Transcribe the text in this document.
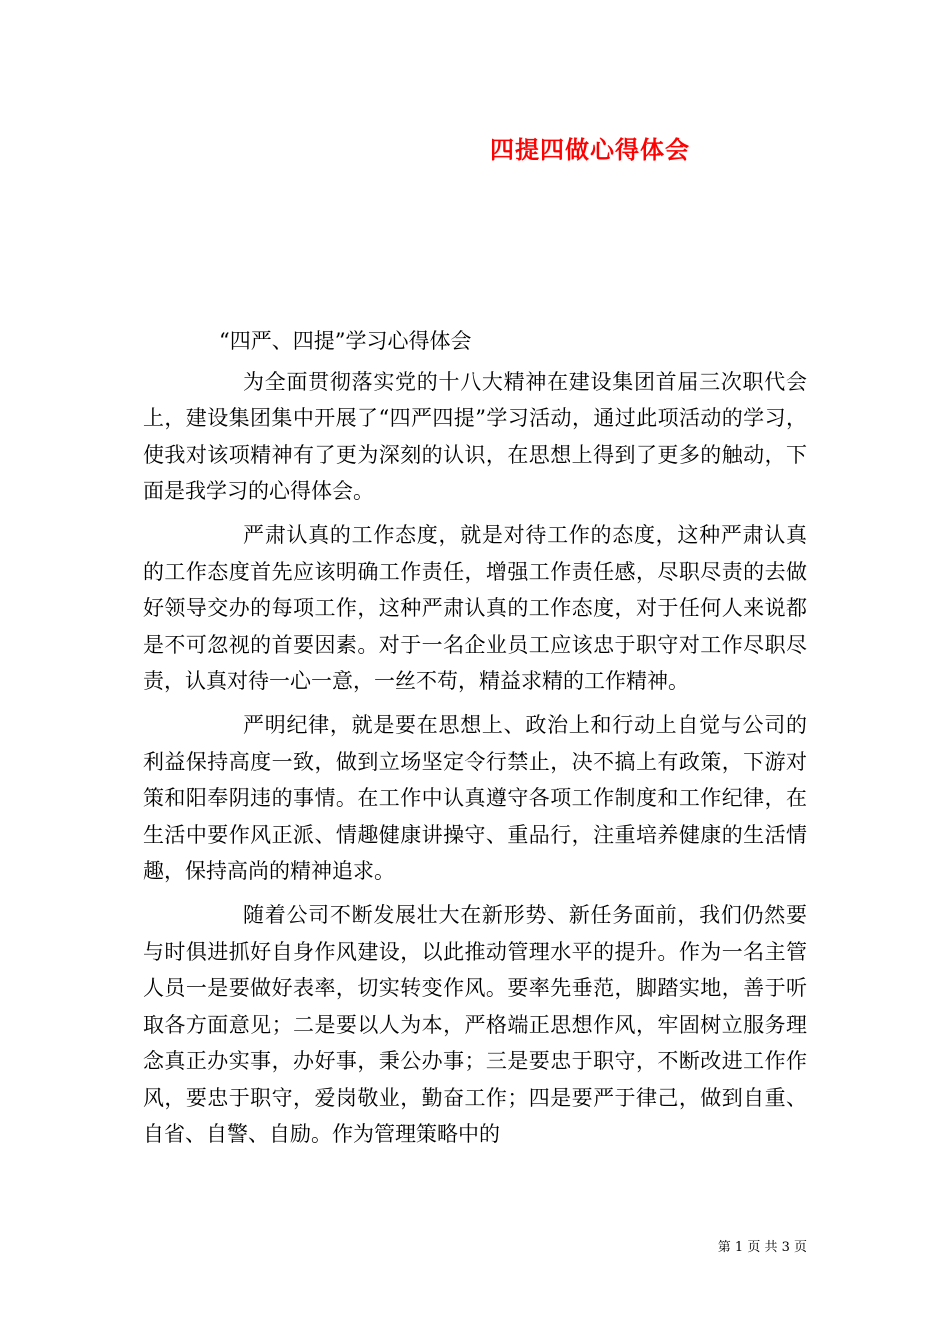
四提四做心得体会

“四严、四提”学习心得体会

为全面贯彻落实党的十八大精神在建设集团首届三次职代会上，建设集团集中开展了“四严四提”学习活动，通过此项活动的学习，使我对该项精神有了更为深刻的认识，在思想上得到了更多的触动，下面是我学习的心得体会。

严肃认真的工作态度，就是对待工作的态度，这种严肃认真的工作态度首先应该明确工作责任，增强工作责任感，尽职尽责的去做好领导交办的每项工作，这种严肃认真的工作态度，对于任何人来说都是不可忽视的首要因素。对于一名企业员工应该忠于职守对工作尽职尽责，认真对待一心一意，一丝不苟，精益求精的工作精神。

严明纪律，就是要在思想上、政治上和行动上自觉与公司的利益保持高度一致，做到立场坚定令行禁止，决不搞上有政策，下游对策和阳奉阴违的事情。在工作中认真遵守各项工作制度和工作纪律，在生活中要作风正派、情趣健康讲操守、重品行，注重培养健康的生活情趣，保持高尚的精神追求。

随着公司不断发展壮大在新形势、新任务面前，我们仍然要与时俱进抓好自身作风建设，以此推动管理水平的提升。作为一名主管人员一是要做好表率，切实转变作风。要率先垂范，脚踏实地，善于听取各方面意见；二是要以人为本，严格端正思想作风，牢固树立服务理念真正办实事，办好事，秉公办事；三是要忠于职守，不断改进工作作风，要忠于职守，爱岗敬业，勤奋工作；四是要严于律己，做到自重、自省、自警、自励。作为管理策略中的

第 1 页 共 3 页
